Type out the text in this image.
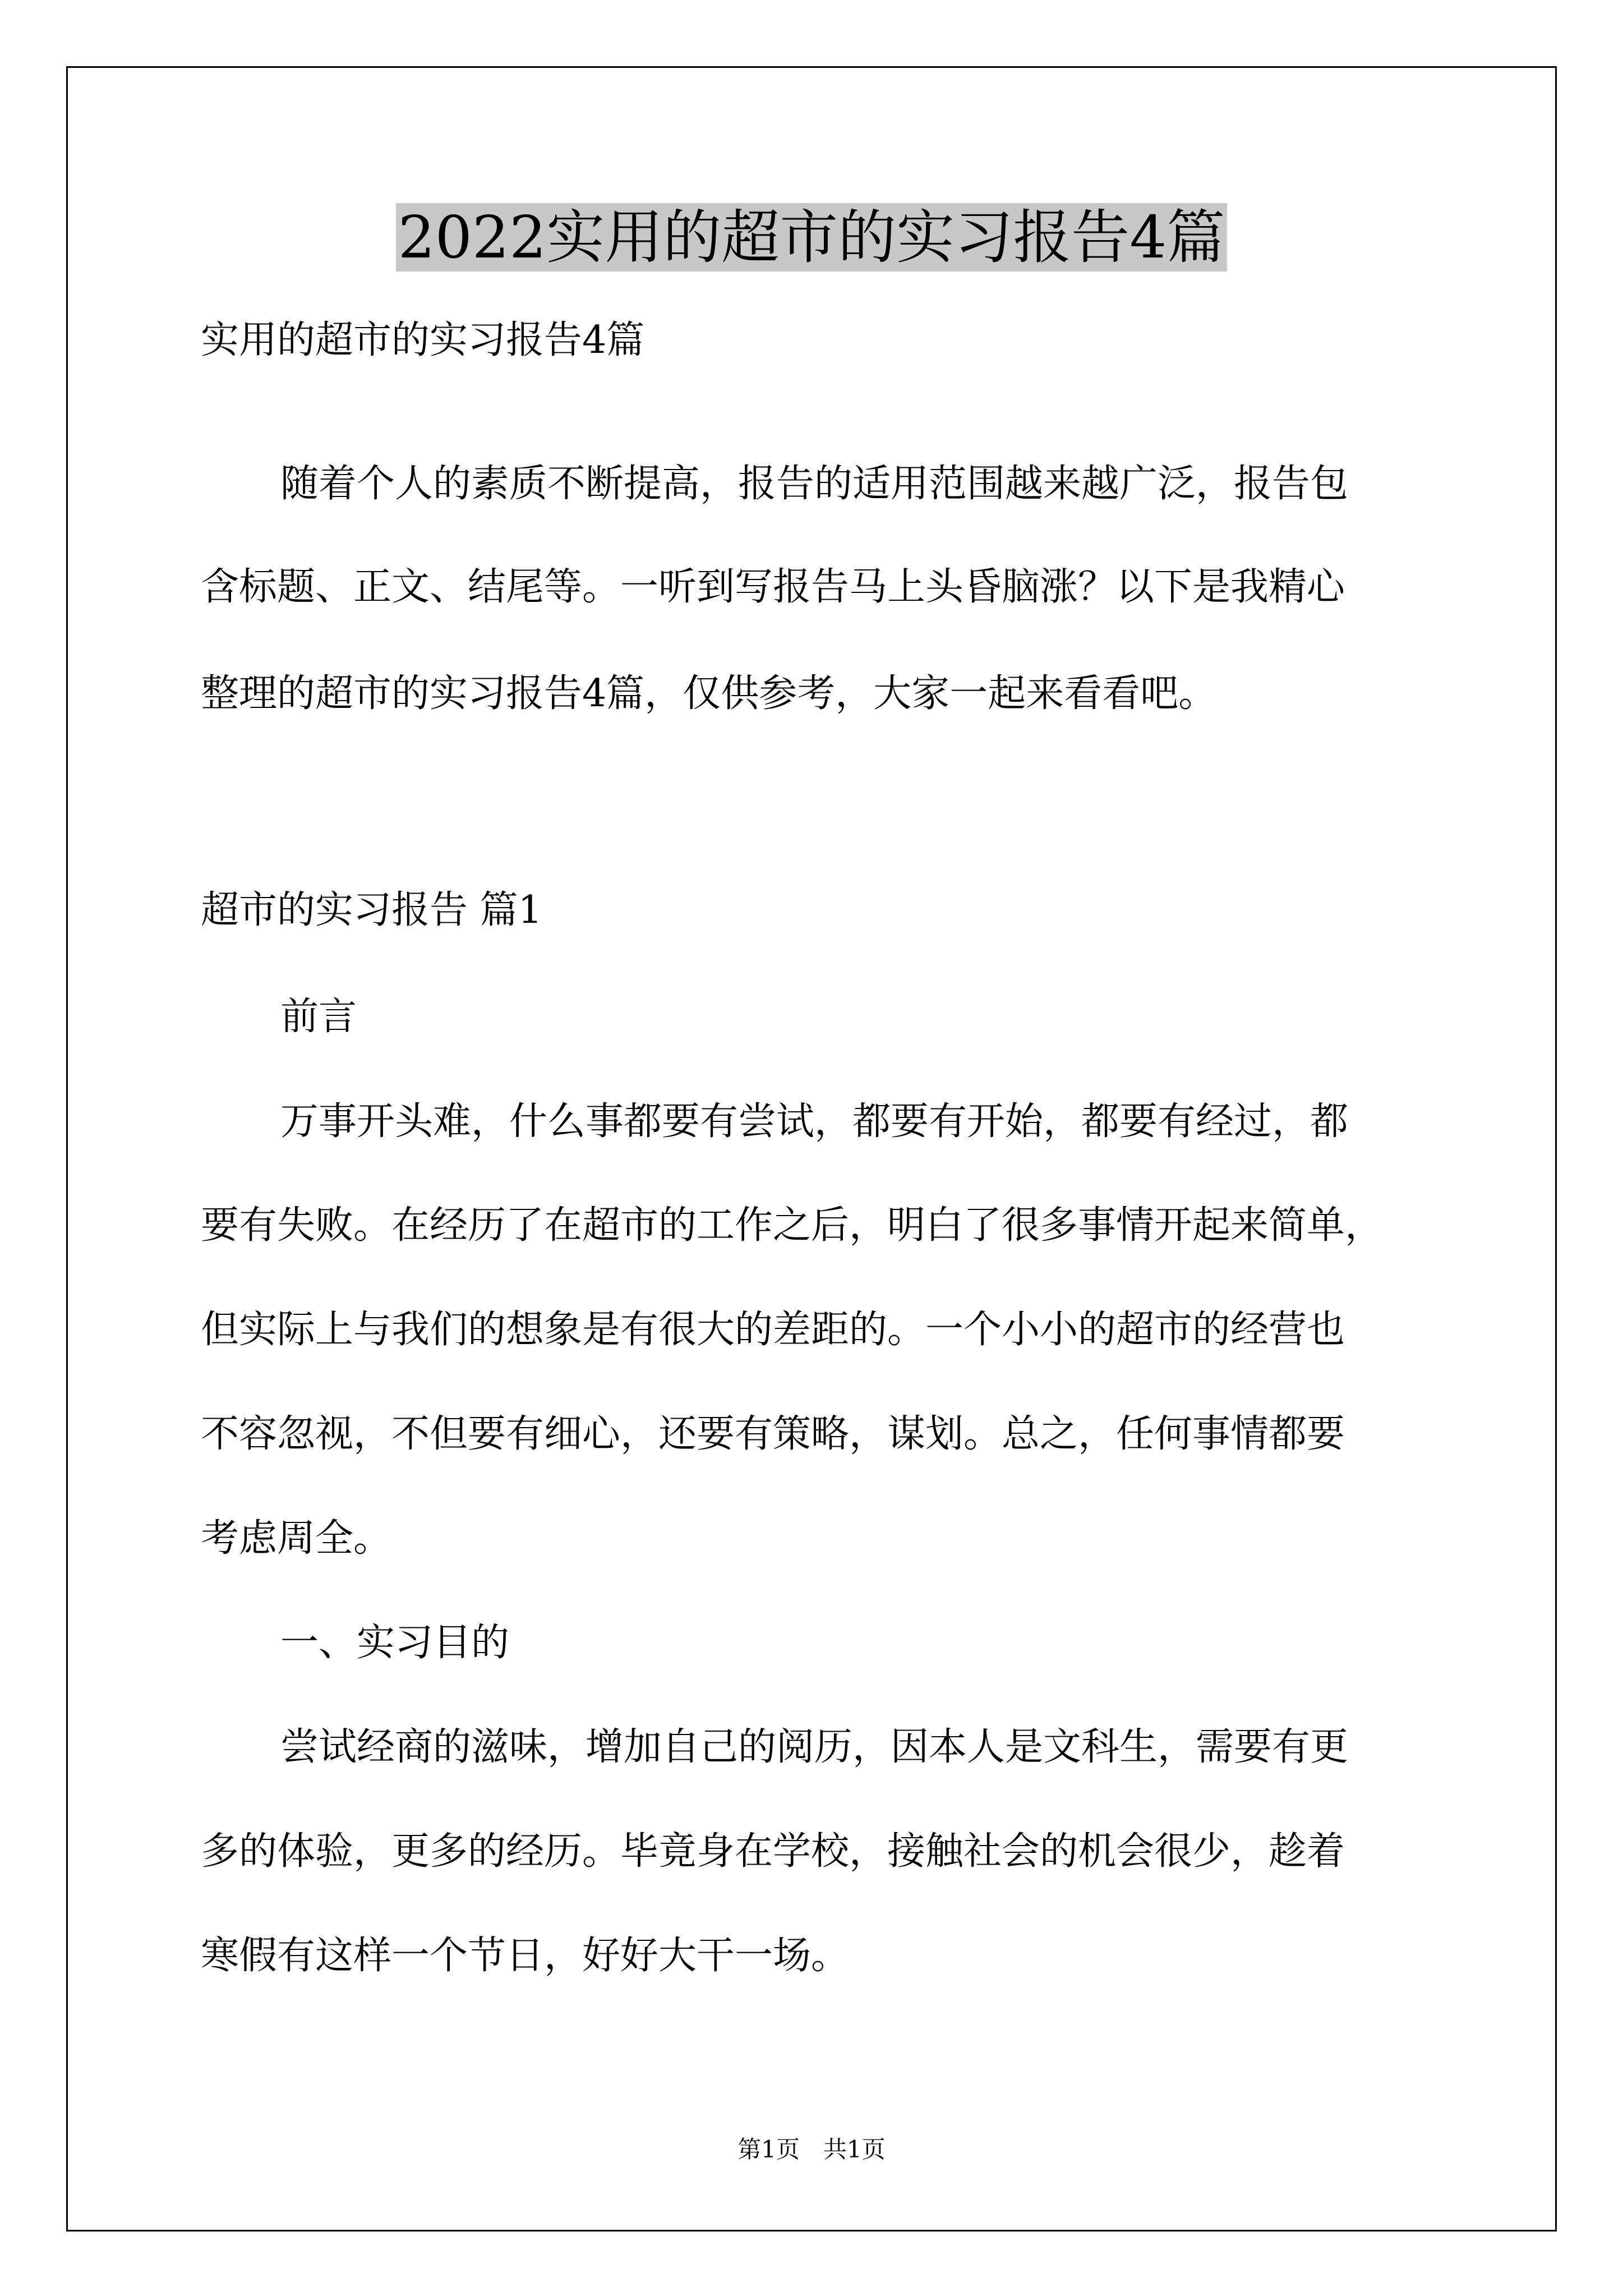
2022实用的超市的实习报告4篇
实用的超市的实习报告4篇
随着个人的素质不断提高，报告的适用范围越来越广泛，报告包
含标题、正文、结尾等。一听到写报告马上头昏脑涨？以下是我精心
整理的超市的实习报告4篇，仅供参考，大家一起来看看吧。
超市的实习报告 篇1
前言
万事开头难，什么事都要有尝试，都要有开始，都要有经过，都
要有失败。在经历了在超市的工作之后，明白了很多事情开起来简单，
但实际上与我们的想象是有很大的差距的。一个小小的超市的经营也
不容忽视，不但要有细心，还要有策略，谋划。总之，任何事情都要
考虑周全。
一、实习目的
尝试经商的滋味，增加自己的阅历，因本人是文科生，需要有更
多的体验，更多的经历。毕竟身在学校，接触社会的机会很少，趁着
寒假有这样一个节日，好好大干一场。
第1页　共1页
